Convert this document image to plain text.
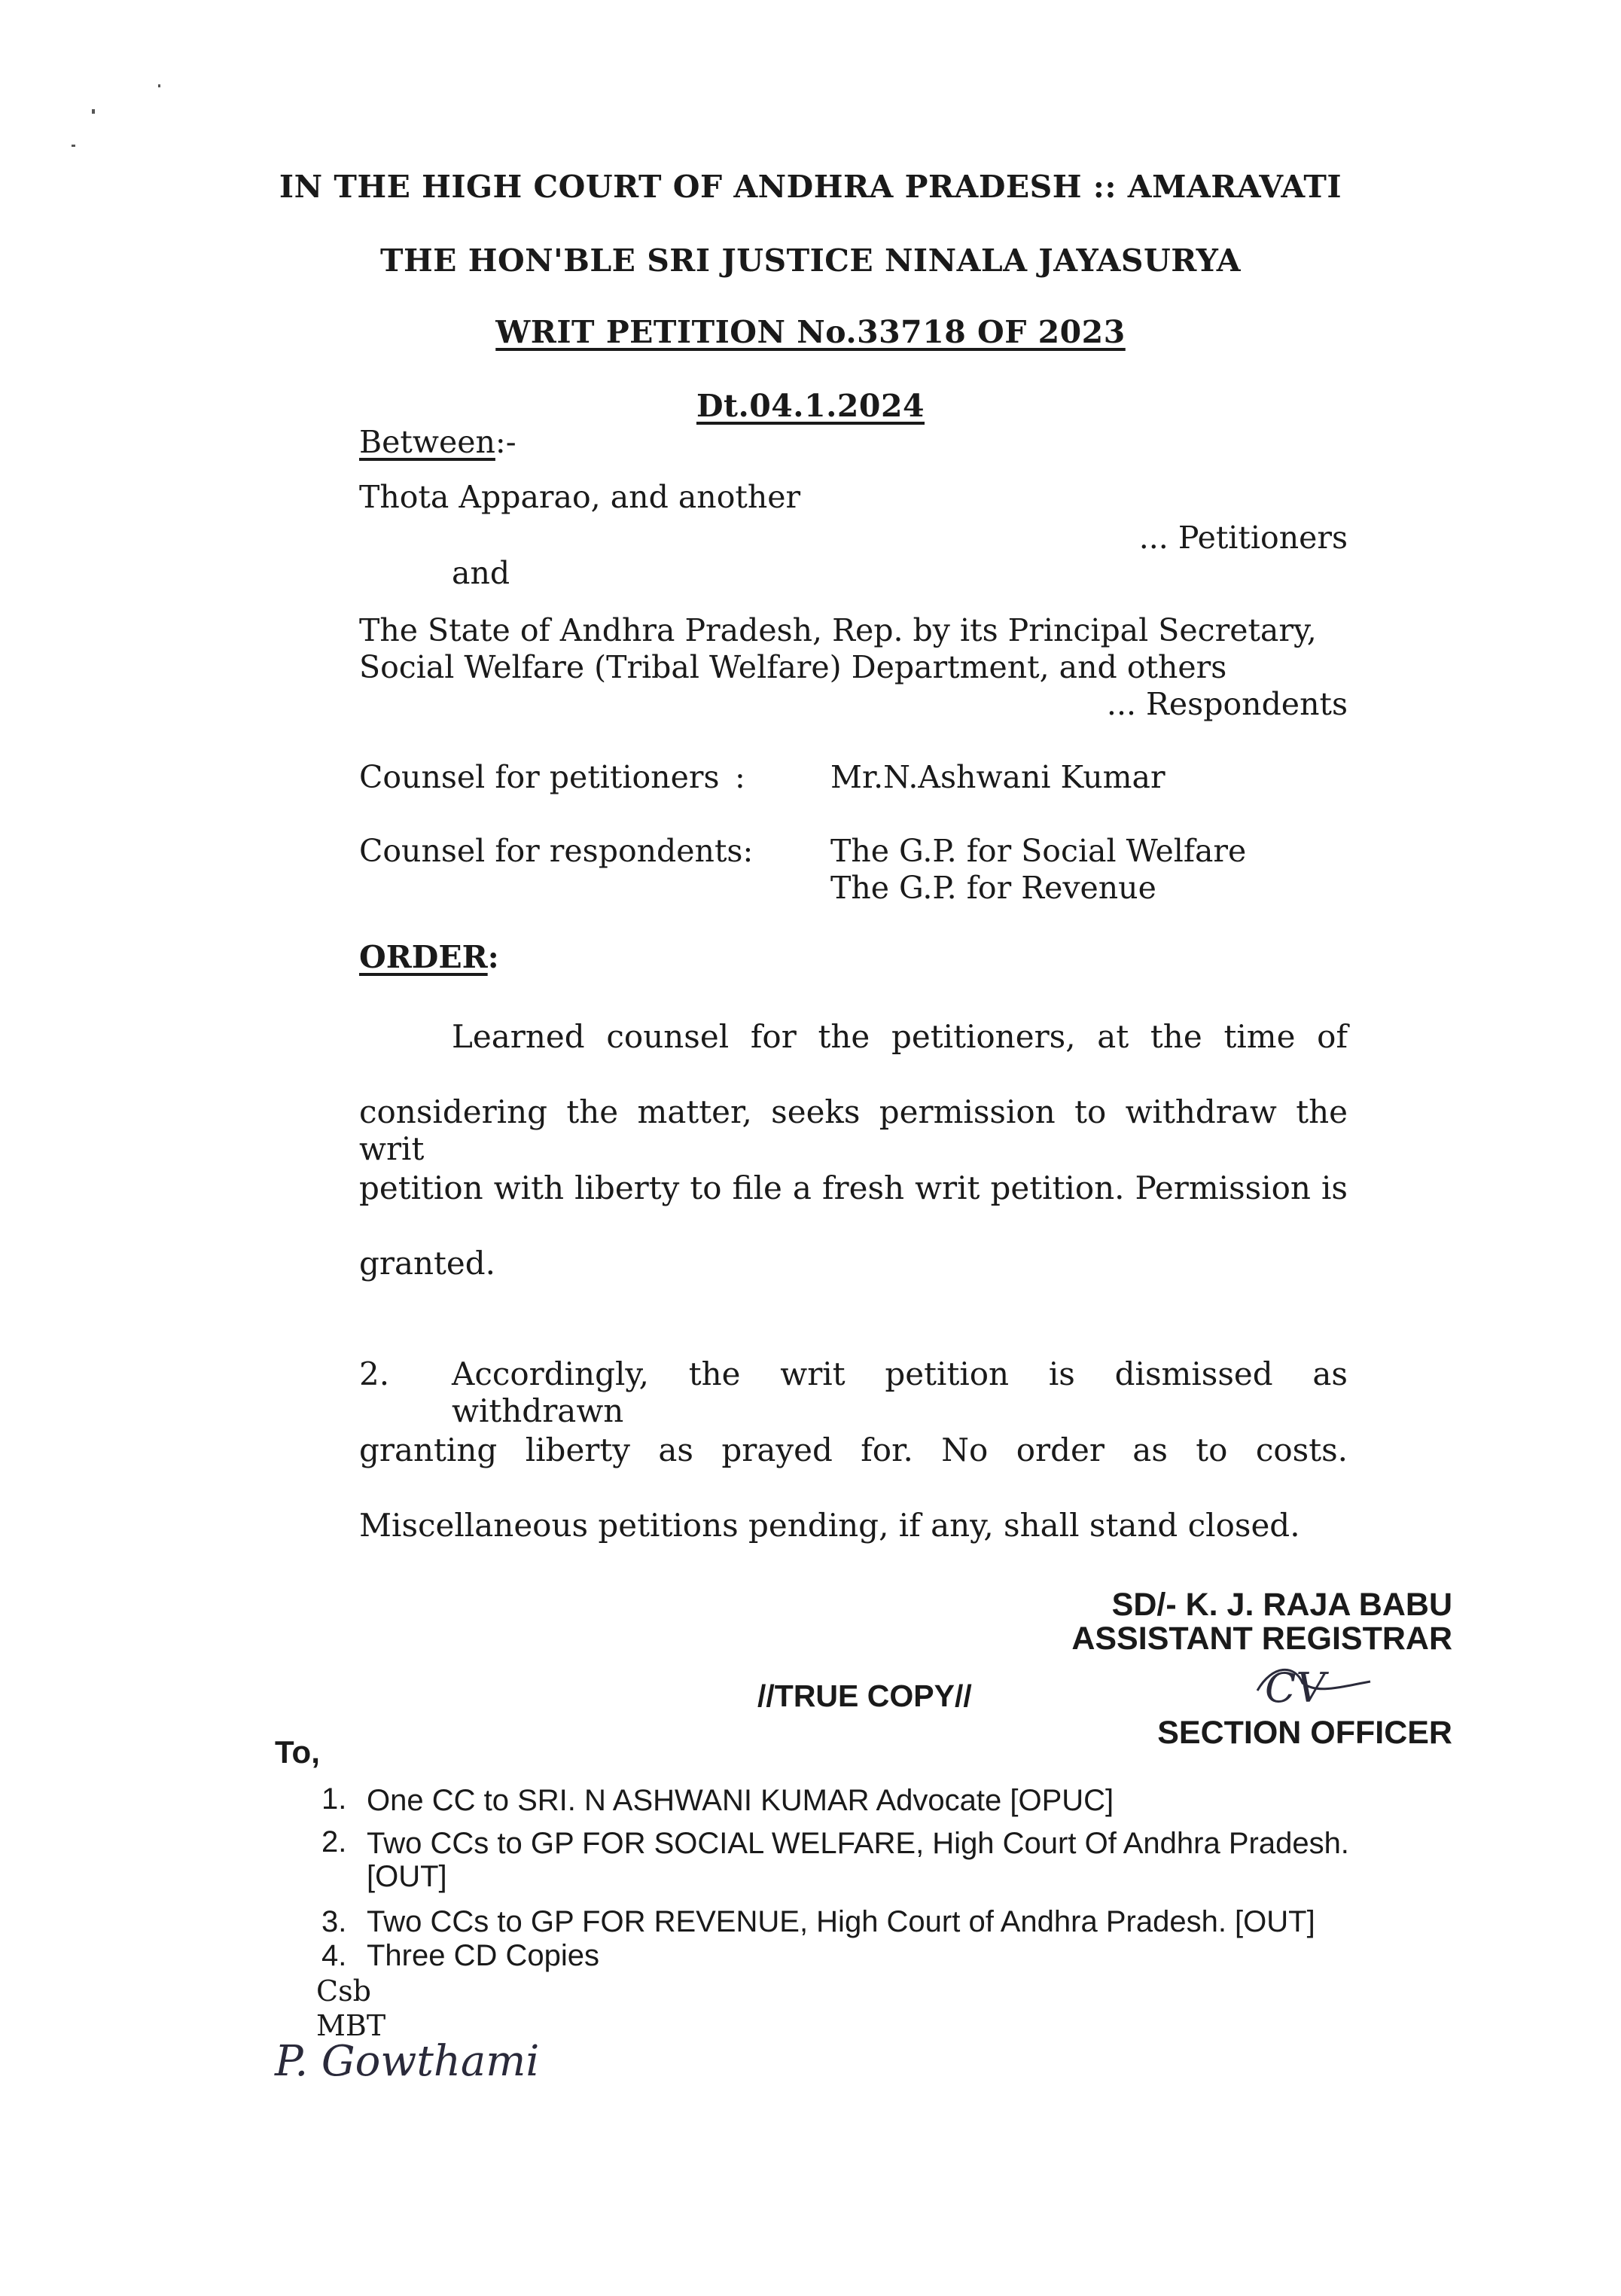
IN THE HIGH COURT OF ANDHRA PRADESH :: AMARAVATI
THE HON'BLE SRI JUSTICE NINALA JAYASURYA
WRIT PETITION No.33718 OF 2023
Dt.04.1.2024
Between:-
Thota Apparao, and another
... Petitioners
and
The State of Andhra Pradesh, Rep. by its Principal Secretary,
Social Welfare (Tribal Welfare) Department, and others
... Respondents
Counsel for petitioners :	Mr.N.Ashwani Kumar
Counsel for respondents:	The G.P. for Social Welfare
The G.P. for Revenue
ORDER:
Learned counsel for the petitioners, at the time of
considering the matter, seeks permission to withdraw the writ
petition with liberty to file a fresh writ petition. Permission is
granted.
2. Accordingly, the writ petition is dismissed as withdrawn
granting liberty as prayed for. No order as to costs.
Miscellaneous petitions pending, if any, shall stand closed.
SD/- K. J. RAJA BABU
ASSISTANT REGISTRAR
//TRUE COPY//	CV
SECTION OFFICER
To,
1. One CC to SRI. N ASHWANI KUMAR Advocate [OPUC]
2. Two CCs to GP FOR SOCIAL WELFARE, High Court Of Andhra Pradesh.
[OUT]
3. Two CCs to GP FOR REVENUE, High Court of Andhra Pradesh. [OUT]
4. Three CD Copies
Csb
MBT
P. Gowthami
